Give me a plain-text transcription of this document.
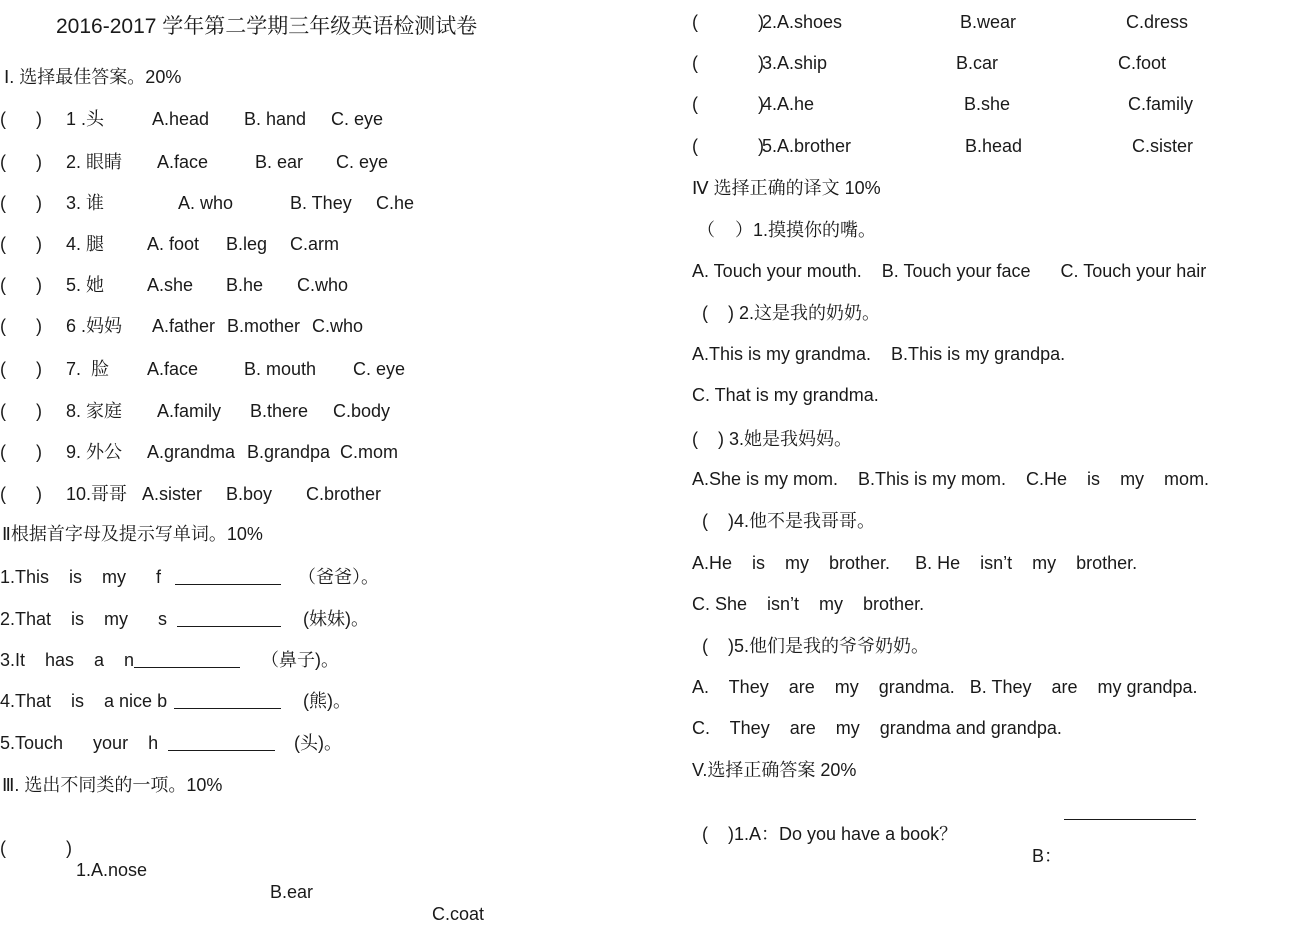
2016-2017 学年第二学期三年级英语检测试卷
Ⅰ. 选择最佳答案。20%
(      ) 1 .头	A.head B. hand C. eye
(      ) 2. 眼睛 A.face	B. ear C. eye
(      ) 3. 谁	A. who	B. They C.he
(      ) 4. 腿 A. foot B.leg C.arm
(      ) 5. 她 A.she B.he C.who
(      ) 6 .妈妈 A.father B.mother C.who
(      ) 7.  脸 A.face	B. mouth C. eye
(      ) 8. 家庭 A.family B.there C.body
(      ) 9. 外公 A.grandma B.grandpa C.mom
(      ) 10.哥哥 A.sister B.boy C.brother
Ⅱ根据首字母及提示写单词。10%
1.This    is    my      f	（爸爸）。
2.That    is    my      s	(妹妹)。
3.It    has    a    n	（鼻子)。
4.That    is    a nice b	(熊)。
5.Touch      your    h	(头)。
Ⅲ. 选出不同类的一项。10%

(            )

1.A.nose

B.ear

C.coat

(            )
2.A.shoes	B.wear	C.dress
(            )
3.A.ship	B.car	C.foot
(            )
4.A.he	B.she	C.family
(            )
5.A.brother	B.head	C.sister
Ⅳ 选择正确的译文 10%
（    ）1.摸摸你的嘴。
A. Touch your mouth.    B. Touch your face      C. Touch your hair
(    ) 2.这是我的奶奶。
A.This is my grandma.    B.This is my grandpa.
C. That is my grandma.
(    ) 3.她是我妈妈。
A.She is my mom.    B.This is my mom.    C.He    is    my    mom.
(    )4.他不是我哥哥。
A.He    is    my    brother.     B. He    isn’t    my    brother.
C. She    isn’t    my    brother.
(    )5.他们是我的爷爷奶奶。
A.    They    are    my    grandma.   B. They    are    my grandpa.
C.    They    are    my    grandma and grandpa.
V.选择正确答案 20%

(    )1.A：Do you have a book？

B：
